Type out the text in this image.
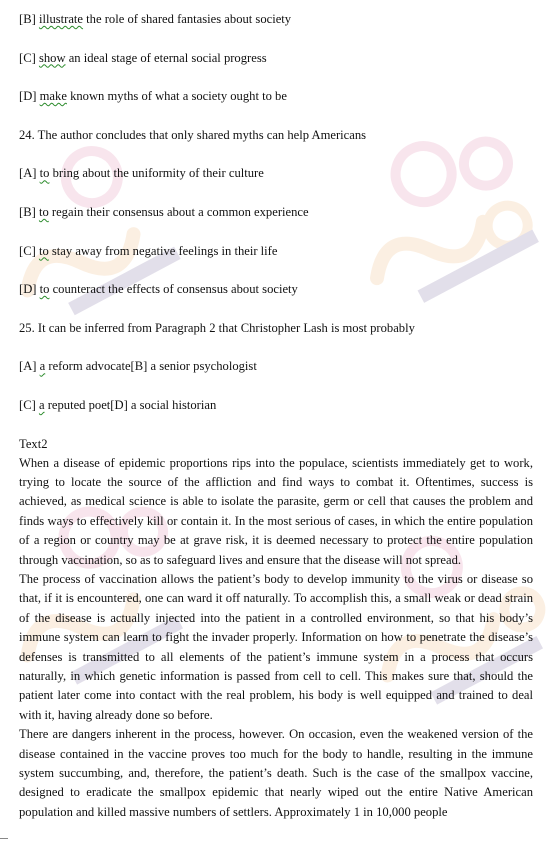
[B] illustrate the role of shared fantasies about society
[C] show an ideal stage of eternal social progress
[D] make known myths of what a society ought to be
24. The author concludes that only shared myths can help Americans
[A] to bring about the uniformity of their culture
[B] to regain their consensus about a common experience
[C] to stay away from negative feelings in their life
[D] to counteract the effects of consensus about society
25. It can be inferred from Paragraph 2 that Christopher Lash is most probably
[A] a reform advocate[B] a senior psychologist
[C] a reputed poet[D] a social historian
Text2

When a disease of epidemic proportions rips into the populace, scientists immediately get to work, trying to locate the source of the affliction and find ways to combat it. Oftentimes, success is achieved, as medical science is able to isolate the parasite, germ or cell that causes the problem and finds ways to effectively kill or contain it. In the most serious of cases, in which the entire population of a region or country may be at grave risk, it is deemed necessary to protect the entire population through vaccination, so as to safeguard lives and ensure that the disease will not spread.

The process of vaccination allows the patient’s body to develop immunity to the virus or disease so that, if it is encountered, one can ward it off naturally. To accomplish this, a small weak or dead strain of the disease is actually injected into the patient in a controlled environment, so that his body’s immune system can learn to fight the invader properly. Information on how to penetrate the disease’s defenses is transmitted to all elements of the patient’s immune system in a process that occurs naturally, in which genetic information is passed from cell to cell. This makes sure that, should the patient later come into contact with the real problem, his body is well equipped and trained to deal with it, having already done so before.

There are dangers inherent in the process, however. On occasion, even the weakened version of the disease contained in the vaccine proves too much for the body to handle, resulting in the immune system succumbing, and, therefore, the patient’s death. Such is the case of the smallpox vaccine, designed to eradicate the smallpox epidemic that nearly wiped out the entire Native American population and killed massive numbers of settlers. Approximately 1 in 10,000 people
